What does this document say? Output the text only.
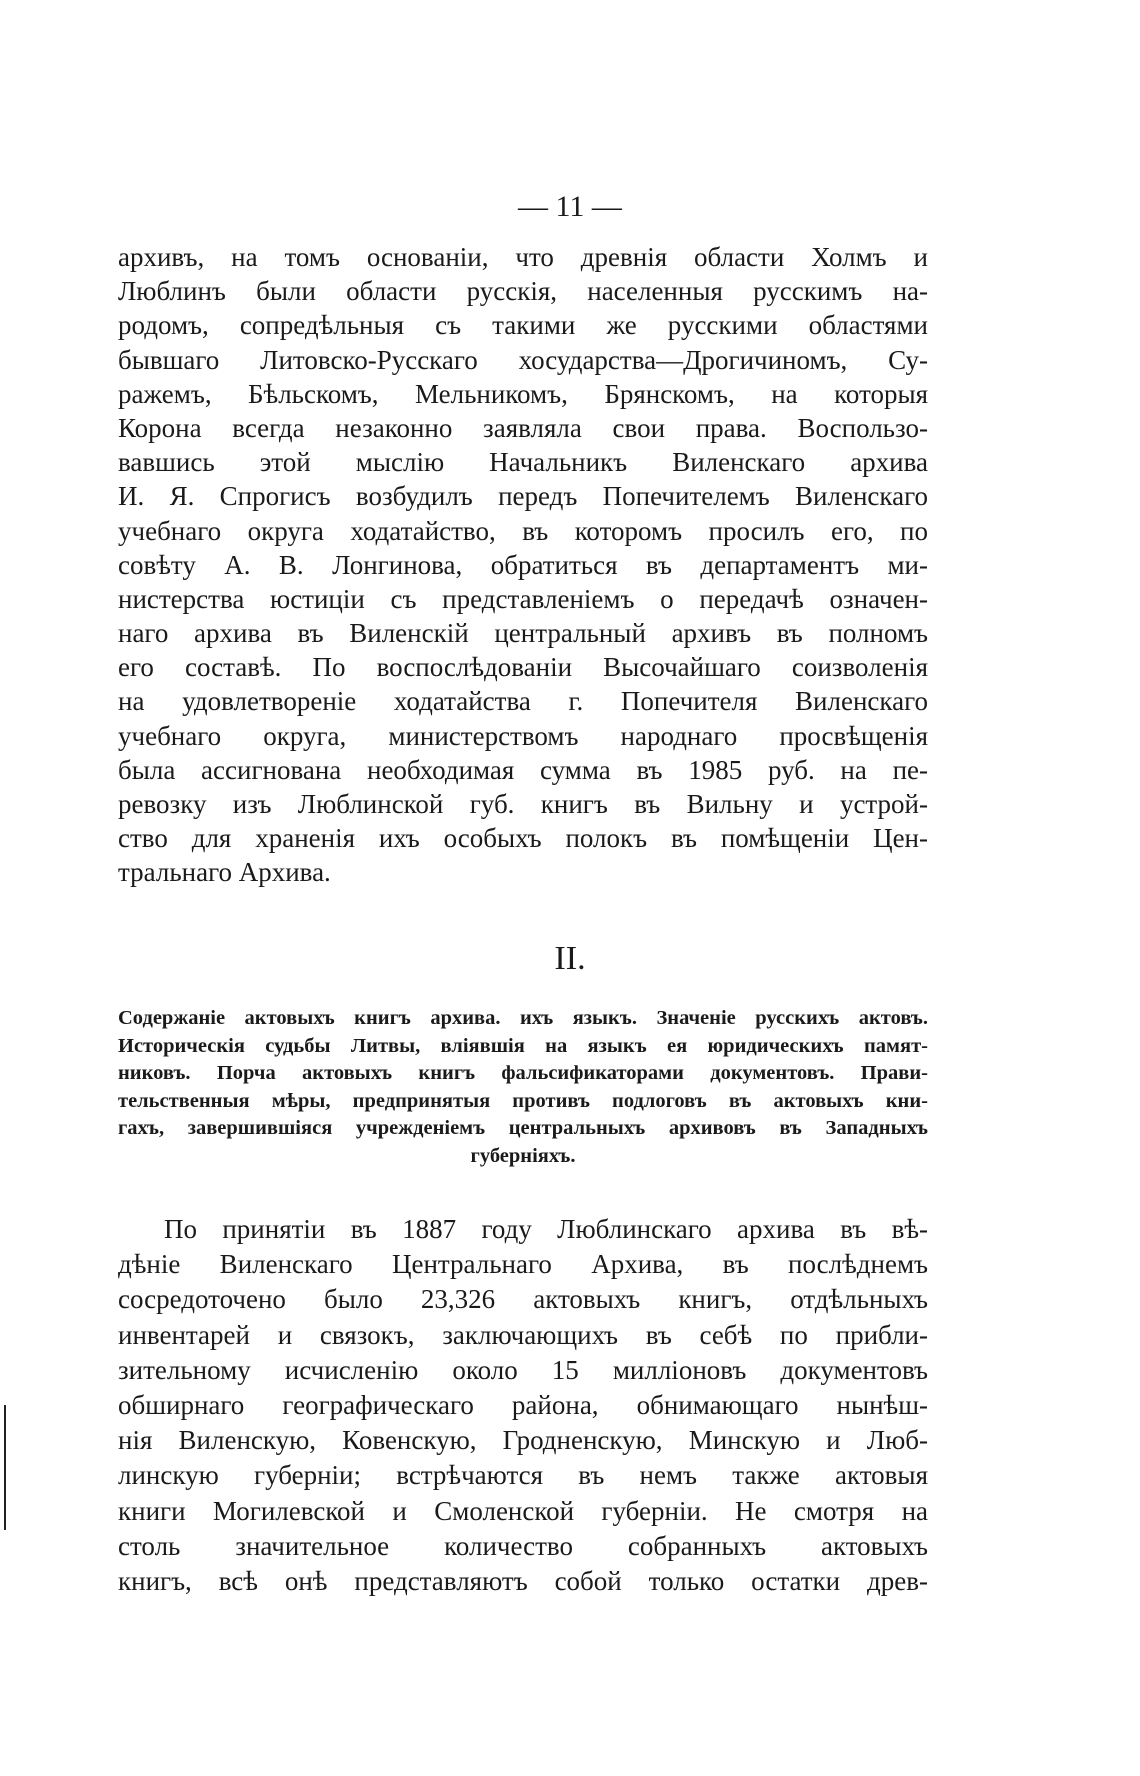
— 11 —
архивъ, на томъ основаніи, что древнія области Холмъ и
Люблинъ были области русскія, населенныя русскимъ на-
родомъ, сопредѣльныя съ такими же русскими областями
бывшаго Литовско-Русскаго хосударства—Дрогичиномъ, Су-
ражемъ, Бѣльскомъ, Мельникомъ, Брянскомъ, на которыя
Корона всегда незаконно заявляла свои права. Воспользо-
вавшись этой мыслію Начальникъ Виленскаго архива
И. Я. Спрогисъ возбудилъ передъ Попечителемъ Виленскаго
учебнаго округа ходатайство, въ которомъ просилъ его, по
совѣту А. В. Лонгинова, обратиться въ департаментъ ми-
нистерства юстиціи съ представленіемъ о передачѣ означен-
наго архива въ Виленскій центральный архивъ въ полномъ
его составѣ. По воспослѣдованіи Высочайшаго соизволенія
на удовлетвореніе ходатайства г. Попечителя Виленскаго
учебнаго округа, министерствомъ народнаго просвѣщенія
была ассигнована необходимая сумма въ 1985 руб. на пе-
ревозку изъ Люблинской губ. книгъ въ Вильну и устрой-
ство для храненія ихъ особыхъ полокъ въ помѣщеніи Цен-
тральнаго Архива.
II.
Содержаніе актовыхъ книгъ архива. ихъ языкъ. Значеніе русскихъ актовъ.
Историческія судьбы Литвы, вліявшія на языкъ ея юридическихъ памят-
никовъ. Порча актовыхъ книгъ фальсификаторами документовъ. Прави-
тельственныя мѣры, предпринятыя противъ подлоговъ въ актовыхъ кни-
гахъ, завершившіяся учрежденіемъ центральныхъ архивовъ въ Западныхъ
губерніяхъ.
По принятіи въ 1887 году Люблинскаго архива въ вѣ-
дѣніе Виленскаго Центральнаго Архива, въ послѣднемъ
сосредоточено было 23,326 актовыхъ книгъ, отдѣльныхъ
инвентарей и связокъ, заключающихъ въ себѣ по прибли-
зительному исчисленію около 15 милліоновъ документовъ
обширнаго географическаго района, обнимающаго нынѣш-
нія Виленскую, Ковенскую, Гродненскую, Минскую и Люб-
линскую губерніи; встрѣчаются въ немъ также актовыя
книги Могилевской и Смоленской губерніи. Не смотря на
столь значительное количество собранныхъ актовыхъ
книгъ, всѣ онѣ представляютъ собой только остатки древ-
